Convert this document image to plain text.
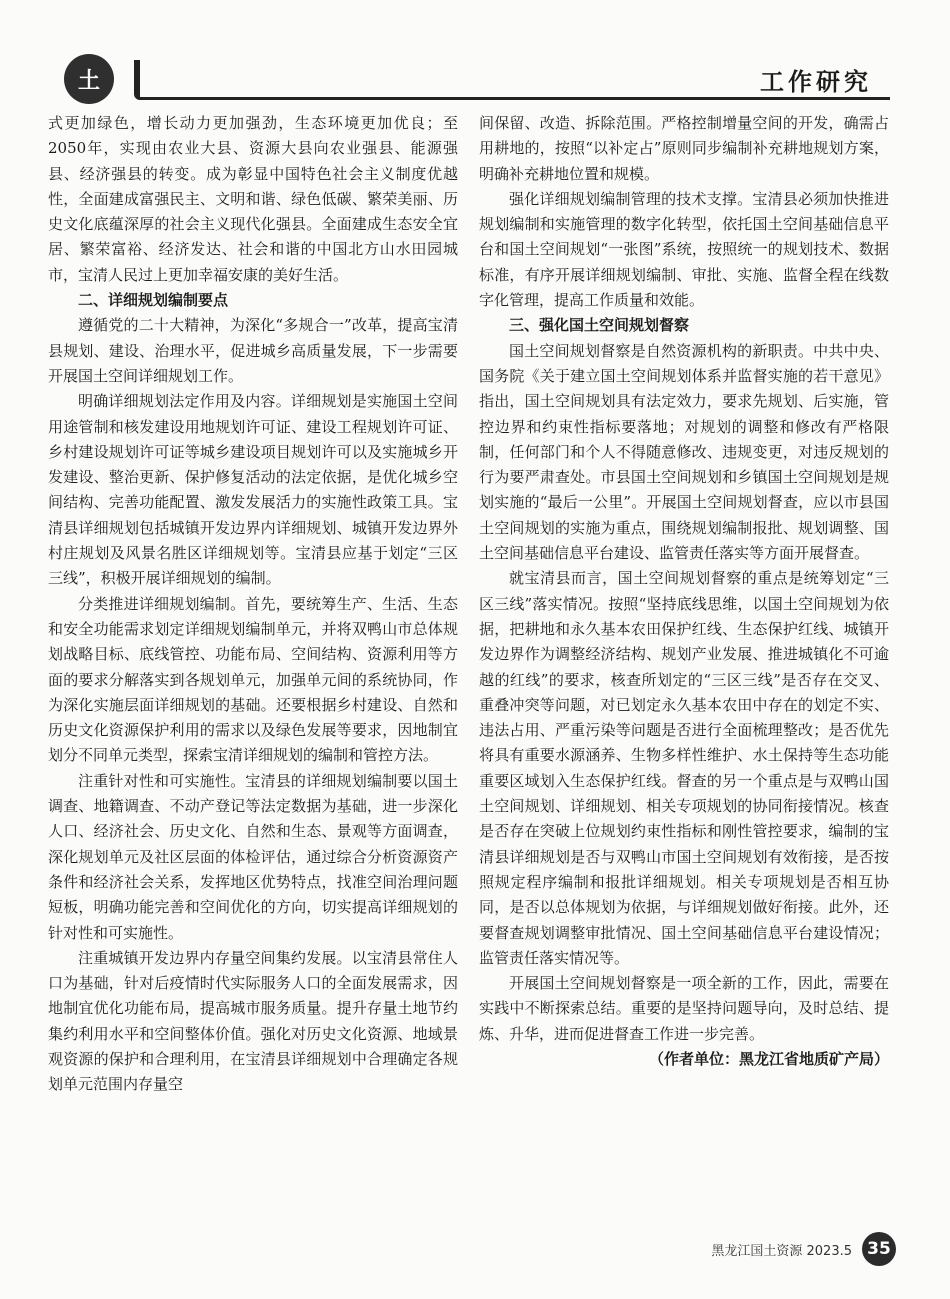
土	工作研究

式更加绿色，增长动力更加强劲，生态环境更加优良；至2050年，实现由农业大县、资源大县向农业强县、能源强县、经济强县的转变。成为彰显中国特色社会主义制度优越性，全面建成富强民主、文明和谐、绿色低碳、繁荣美丽、历史文化底蕴深厚的社会主义现代化强县。全面建成生态安全宜居、繁荣富裕、经济发达、社会和谐的中国北方山水田园城市，宝清人民过上更加幸福安康的美好生活。

二、详细规划编制要点

遵循党的二十大精神，为深化“多规合一”改革，提高宝清县规划、建设、治理水平，促进城乡高质量发展，下一步需要开展国土空间详细规划工作。

明确详细规划法定作用及内容。详细规划是实施国土空间用途管制和核发建设用地规划许可证、建设工程规划许可证、乡村建设规划许可证等城乡建设项目规划许可以及实施城乡开发建设、整治更新、保护修复活动的法定依据，是优化城乡空间结构、完善功能配置、激发发展活力的实施性政策工具。宝清县详细规划包括城镇开发边界内详细规划、城镇开发边界外村庄规划及风景名胜区详细规划等。宝清县应基于划定“三区三线”，积极开展详细规划的编制。

分类推进详细规划编制。首先，要统筹生产、生活、生态和安全功能需求划定详细规划编制单元，并将双鸭山市总体规划战略目标、底线管控、功能布局、空间结构、资源利用等方面的要求分解落实到各规划单元，加强单元间的系统协同，作为深化实施层面详细规划的基础。还要根据乡村建设、自然和历史文化资源保护利用的需求以及绿色发展等要求，因地制宜划分不同单元类型，探索宝清详细规划的编制和管控方法。

注重针对性和可实施性。宝清县的详细规划编制要以国土调查、地籍调查、不动产登记等法定数据为基础，进一步深化人口、经济社会、历史文化、自然和生态、景观等方面调查，深化规划单元及社区层面的体检评估，通过综合分析资源资产条件和经济社会关系，发挥地区优势特点，找准空间治理问题短板，明确功能完善和空间优化的方向，切实提高详细规划的针对性和可实施性。

注重城镇开发边界内存量空间集约发展。以宝清县常住人口为基础，针对后疫情时代实际服务人口的全面发展需求，因地制宜优化功能布局，提高城市服务质量。提升存量土地节约集约利用水平和空间整体价值。强化对历史文化资源、地域景观资源的保护和合理利用，在宝清县详细规划中合理确定各规划单元范围内存量空

间保留、改造、拆除范围。严格控制增量空间的开发，确需占用耕地的，按照“以补定占”原则同步编制补充耕地规划方案，明确补充耕地位置和规模。

强化详细规划编制管理的技术支撑。宝清县必须加快推进规划编制和实施管理的数字化转型，依托国土空间基础信息平台和国土空间规划“一张图”系统，按照统一的规划技术、数据标准，有序开展详细规划编制、审批、实施、监督全程在线数字化管理，提高工作质量和效能。

三、强化国土空间规划督察

国土空间规划督察是自然资源机构的新职责。中共中央、国务院《关于建立国土空间规划体系并监督实施的若干意见》指出，国土空间规划具有法定效力，要求先规划、后实施，管控边界和约束性指标要落地；对规划的调整和修改有严格限制，任何部门和个人不得随意修改、违规变更，对违反规划的行为要严肃查处。市县国土空间规划和乡镇国土空间规划是规划实施的“最后一公里”。开展国土空间规划督查，应以市县国土空间规划的实施为重点，围绕规划编制报批、规划调整、国土空间基础信息平台建设、监管责任落实等方面开展督查。

就宝清县而言，国土空间规划督察的重点是统筹划定“三区三线”落实情况。按照“坚持底线思维，以国土空间规划为依据，把耕地和永久基本农田保护红线、生态保护红线、城镇开发边界作为调整经济结构、规划产业发展、推进城镇化不可逾越的红线”的要求，核查所划定的“三区三线”是否存在交叉、重叠冲突等问题，对已划定永久基本农田中存在的划定不实、违法占用、严重污染等问题是否进行全面梳理整改；是否优先将具有重要水源涵养、生物多样性维护、水土保持等生态功能重要区域划入生态保护红线。督查的另一个重点是与双鸭山国土空间规划、详细规划、相关专项规划的协同衔接情况。核查是否存在突破上位规划约束性指标和刚性管控要求，编制的宝清县详细规划是否与双鸭山市国土空间规划有效衔接，是否按照规定程序编制和报批详细规划。相关专项规划是否相互协同，是否以总体规划为依据，与详细规划做好衔接。此外，还要督查规划调整审批情况、国土空间基础信息平台建设情况；监管责任落实情况等。

开展国土空间规划督察是一项全新的工作，因此，需要在实践中不断探索总结。重要的是坚持问题导向，及时总结、提炼、升华，进而促进督查工作进一步完善。

（作者单位：黑龙江省地质矿产局）

黑龙江国土资源 2023.5 35
